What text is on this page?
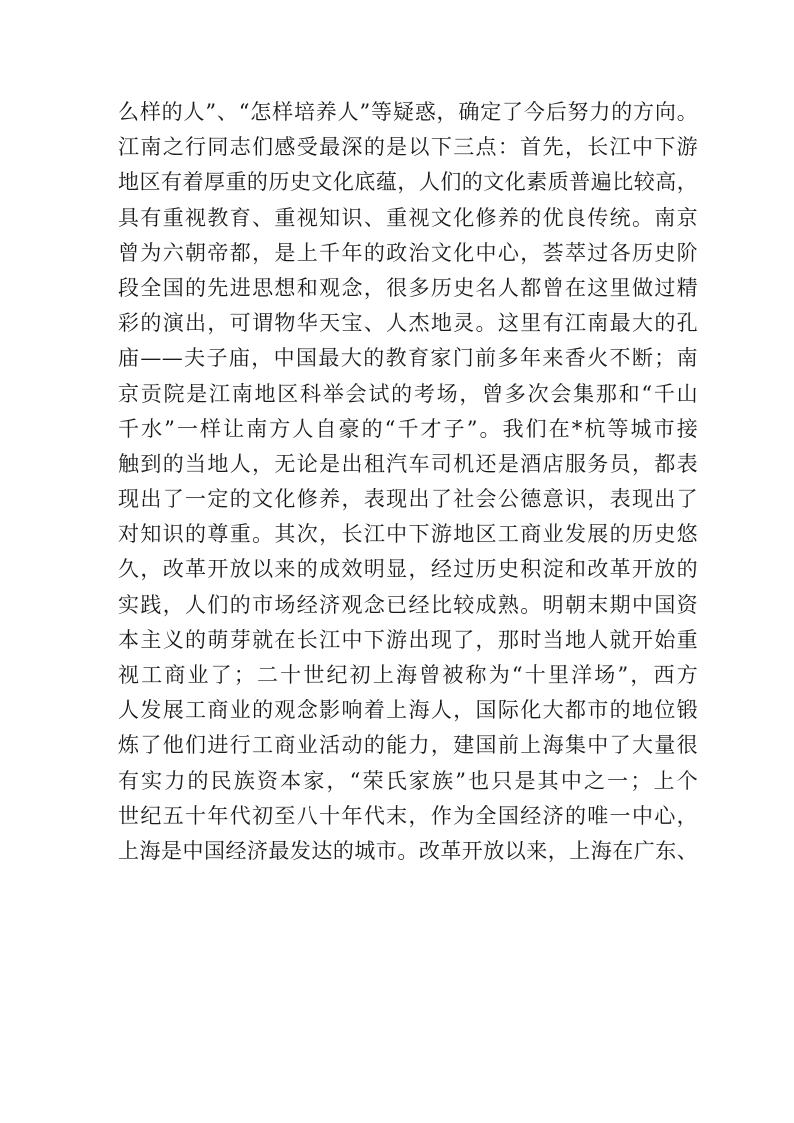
么样的人”、“怎样培养人”等疑惑，确定了今后努力的方向。
江南之行同志们感受最深的是以下三点：首先，长江中下游
地区有着厚重的历史文化底蕴，人们的文化素质普遍比较高，
具有重视教育、重视知识、重视文化修养的优良传统。南京
曾为六朝帝都，是上千年的政治文化中心，荟萃过各历史阶
段全国的先进思想和观念，很多历史名人都曾在这里做过精
彩的演出，可谓物华天宝、人杰地灵。这里有江南最大的孔
庙——夫子庙，中国最大的教育家门前多年来香火不断；南
京贡院是江南地区科举会试的考场，曾多次会集那和“千山
千水”一样让南方人自豪的“千才子”。我们在*杭等城市接
触到的当地人，无论是出租汽车司机还是酒店服务员，都表
现出了一定的文化修养，表现出了社会公德意识，表现出了
对知识的尊重。其次，长江中下游地区工商业发展的历史悠
久，改革开放以来的成效明显，经过历史积淀和改革开放的
实践，人们的市场经济观念已经比较成熟。明朝末期中国资
本主义的萌芽就在长江中下游出现了，那时当地人就开始重
视工商业了；二十世纪初上海曾被称为“十里洋场”，西方
人发展工商业的观念影响着上海人，国际化大都市的地位锻
炼了他们进行工商业活动的能力，建国前上海集中了大量很
有实力的民族资本家，“荣氏家族”也只是其中之一；上个
世纪五十年代初至八十年代末，作为全国经济的唯一中心，
上海是中国经济最发达的城市。改革开放以来，上海在广东、
